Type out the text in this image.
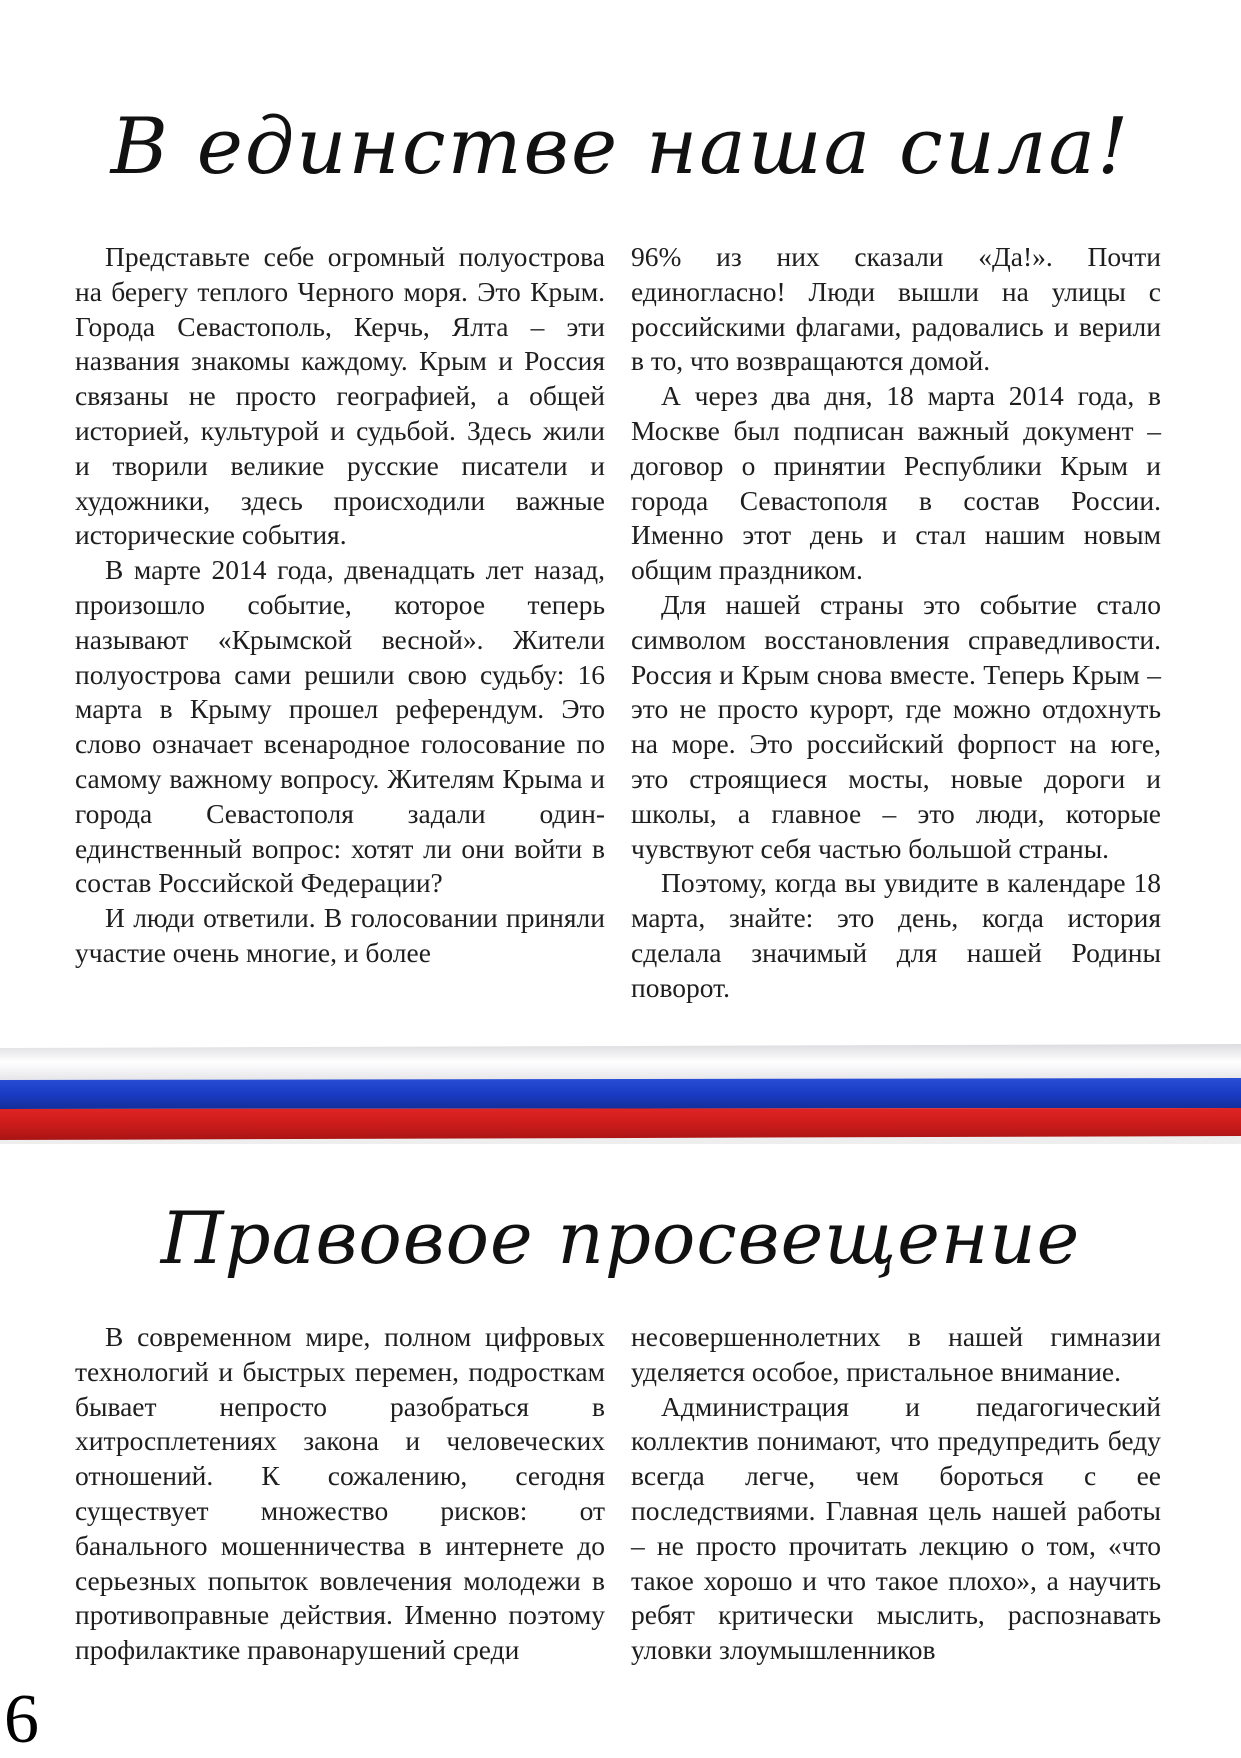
В единстве наша сила!

Представьте себе огромный полуострова на берегу теплого Черного моря. Это Крым. Города Севастополь, Керчь, Ялта – эти названия знакомы каждому. Крым и Россия связаны не просто географией, а общей историей, культурой и судьбой. Здесь жили и творили великие русские писатели и художники, здесь происходили важные исторические события.

В марте 2014 года, двенадцать лет назад, произошло событие, которое теперь называют «Крымской весной». Жители полуострова сами решили свою судьбу: 16 марта в Крыму прошел референдум. Это слово означает всенародное голосование по самому важному вопросу. Жителям Крыма и города Севастополя задали один-единственный вопрос: хотят ли они войти в состав Российской Федерации?

И люди ответили. В голосовании приняли участие очень многие, и более

96% из них сказали «Да!». Почти единогласно! Люди вышли на улицы с российскими флагами, радовались и верили в то, что возвращаются домой.

А через два дня, 18 марта 2014 года, в Москве был подписан важный документ – договор о принятии Республики Крым и города Севастополя в состав России. Именно этот день и стал нашим новым общим праздником.

Для нашей страны это событие стало символом восстановления справедливости. Россия и Крым снова вместе. Теперь Крым – это не просто курорт, где можно отдохнуть на море. Это российский форпост на юге, это строящиеся мосты, новые дороги и школы, а главное – это люди, которые чувствуют себя частью большой страны.

Поэтому, когда вы увидите в календаре 18 марта, знайте: это день, когда история сделала значимый для нашей Родины поворот.

Правовое просвещение

В современном мире, полном цифровых технологий и быстрых перемен, подросткам бывает непросто разобраться в хитросплетениях закона и человеческих отношений. К сожалению, сегодня существует множество рисков: от банального мошенничества в интернете до серьезных попыток вовлечения молодежи в противоправные действия. Именно поэтому профилактике правонарушений среди

несовершеннолетних в нашей гимназии уделяется особое, пристальное внимание.

Администрация и педагогический коллектив понимают, что предупредить беду всегда легче, чем бороться с ее последствиями. Главная цель нашей работы – не просто прочитать лекцию о том, «что такое хорошо и что такое плохо», а научить ребят критически мыслить, распознавать уловки злоумышленников

6
